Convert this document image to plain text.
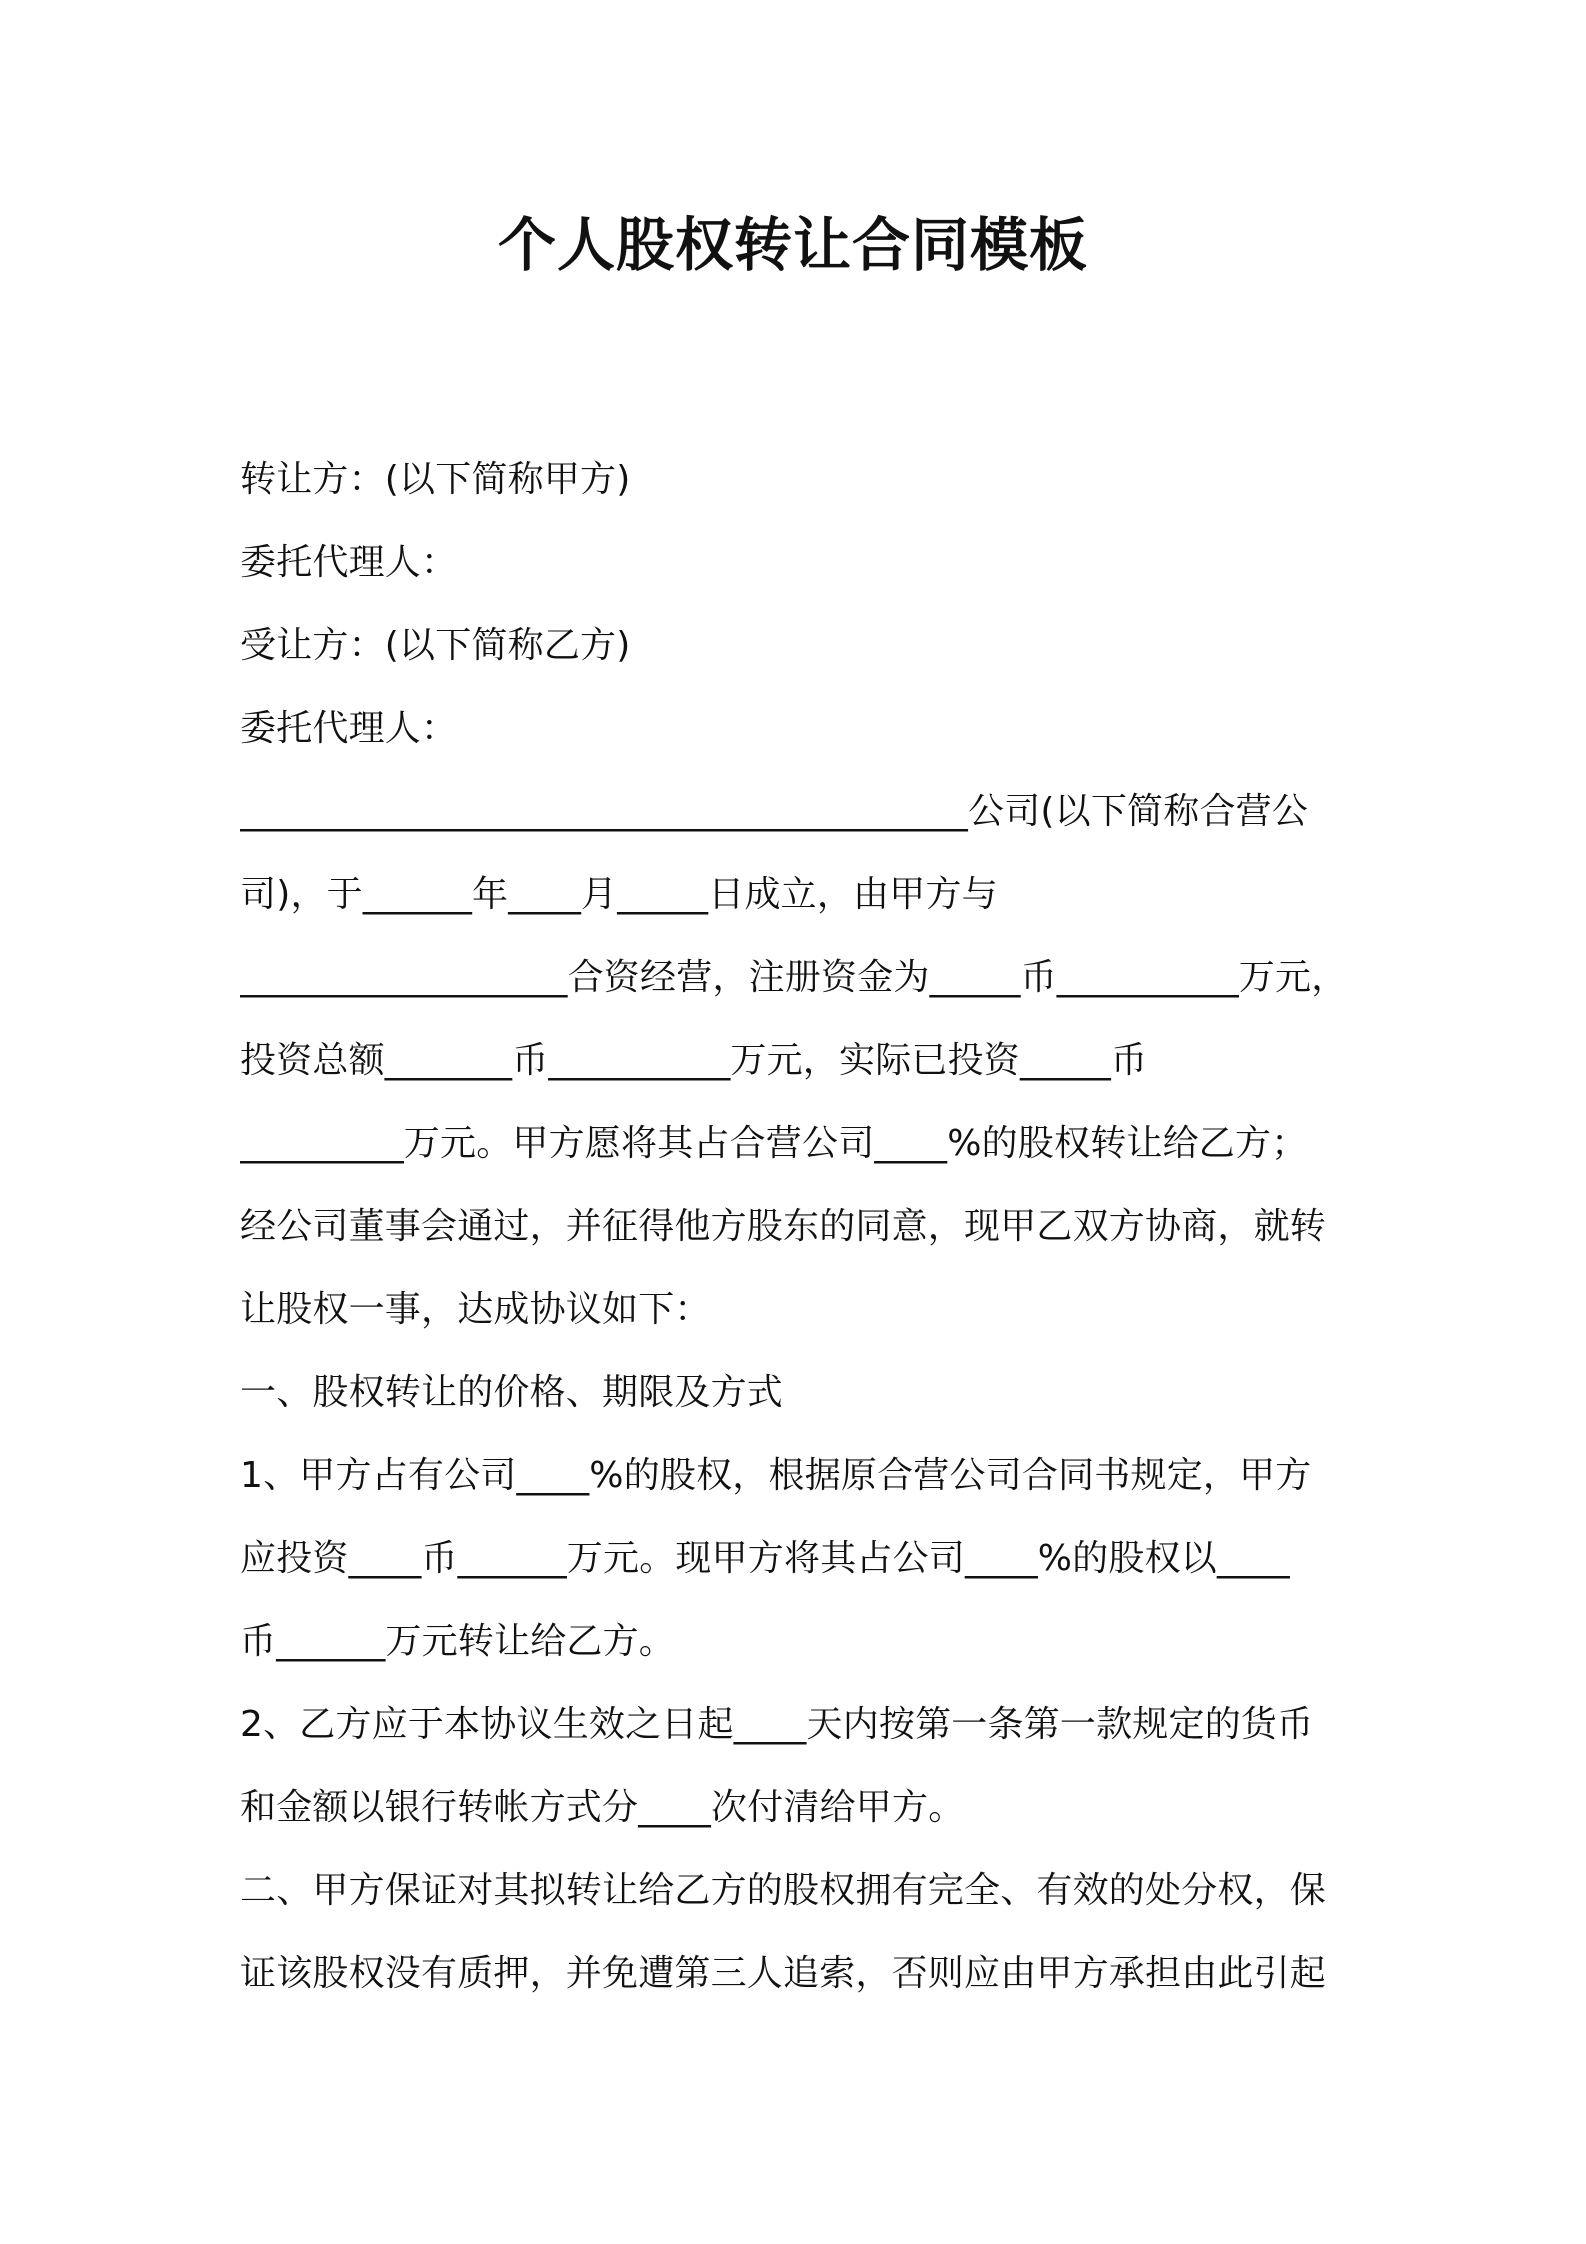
个人股权转让合同模板
转让方：(以下简称甲方)
委托代理人：
受让方：(以下简称乙方)
委托代理人：
________________________________________公司(以下简称合营公
司)，于______年____月_____日成立，由甲方与
__________________合资经营，注册资金为_____币__________万元，
投资总额_______币__________万元，实际已投资_____币
_________万元。甲方愿将其占合营公司____%的股权转让给乙方；
经公司董事会通过，并征得他方股东的同意，现甲乙双方协商，就转
让股权一事，达成协议如下：
一、股权转让的价格、期限及方式
1、甲方占有公司____%的股权，根据原合营公司合同书规定，甲方
应投资____币______万元。现甲方将其占公司____%的股权以____
币______万元转让给乙方。
2、乙方应于本协议生效之日起____天内按第一条第一款规定的货币
和金额以银行转帐方式分____次付清给甲方。
二、甲方保证对其拟转让给乙方的股权拥有完全、有效的处分权，保
证该股权没有质押，并免遭第三人追索，否则应由甲方承担由此引起
